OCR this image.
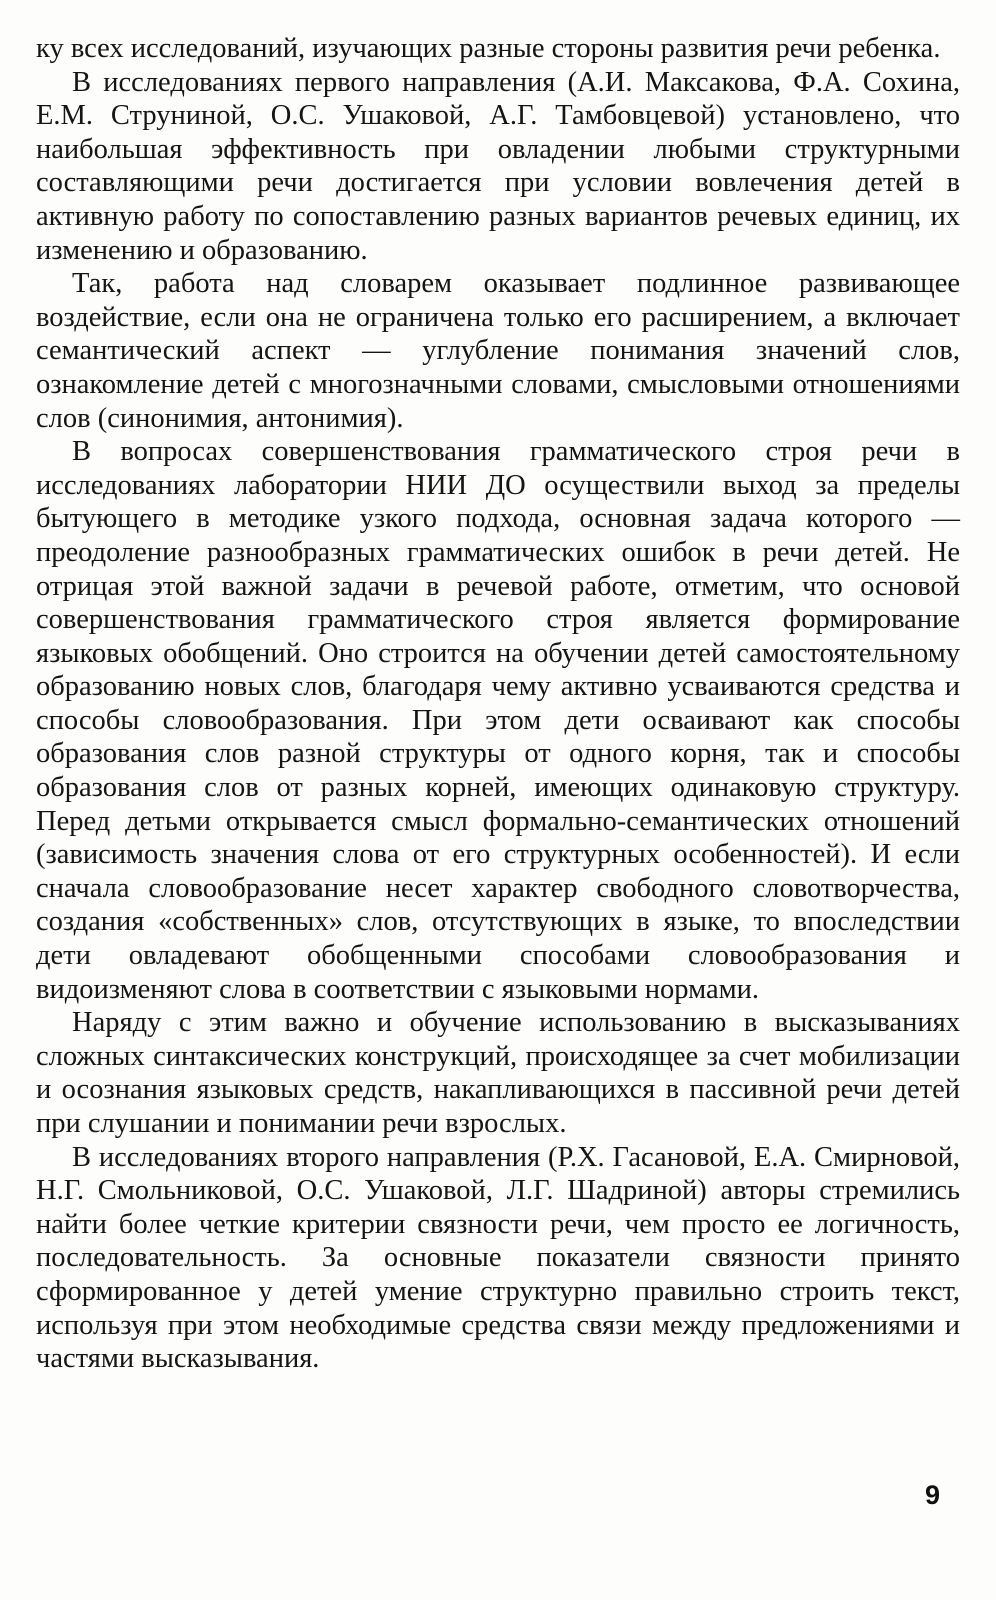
ку всех исследований, изучающих разные стороны развития речи ребенка.

В исследованиях первого направления (А.И. Максакова, Ф.А. Сохина, Е.М. Струниной, О.С. Ушаковой, А.Г. Тамбовцевой) установлено, что наибольшая эффективность при овладении любыми структурными составляющими речи достигается при условии вовлечения детей в активную работу по сопоставлению разных вариантов речевых единиц, их изменению и образованию.

Так, работа над словарем оказывает подлинное развивающее воздействие, если она не ограничена только его расширением, а включает семантический аспект — углубление понимания значений слов, ознакомление детей с многозначными словами, смысловыми отношениями слов (синонимия, антонимия).

В вопросах совершенствования грамматического строя речи в исследованиях лаборатории НИИ ДО осуществили выход за пределы бытующего в методике узкого подхода, основная задача которого — преодоление разнообразных грамматических ошибок в речи детей. Не отрицая этой важной задачи в речевой работе, отметим, что основой совершенствования грамматического строя является формирование языковых обобщений. Оно строится на обучении детей самостоятельному образованию новых слов, благодаря чему активно усваиваются средства и способы словообразования. При этом дети осваивают как способы образования слов разной структуры от одного корня, так и способы образования слов от разных корней, имеющих одинаковую структуру. Перед детьми открывается смысл формально-семантических отношений (зависимость значения слова от его структурных особенностей). И если сначала словообразование несет характер свободного словотворчества, создания «собственных» слов, отсутствующих в языке, то впоследствии дети овладевают обобщенными способами словообразования и видоизменяют слова в соответствии с языковыми нормами.

Наряду с этим важно и обучение использованию в высказываниях сложных синтаксических конструкций, происходящее за счет мобилизации и осознания языковых средств, накапливающихся в пассивной речи детей при слушании и понимании речи взрослых.

В исследованиях второго направления (Р.Х. Гасановой, Е.А. Смирновой, Н.Г. Смольниковой, О.С. Ушаковой, Л.Г. Шадриной) авторы стремились найти более четкие критерии связности речи, чем просто ее логичность, последовательность. За основные показатели связности принято сформированное у детей умение структурно правильно строить текст, используя при этом необходимые средства связи между предложениями и частями высказывания.

9
